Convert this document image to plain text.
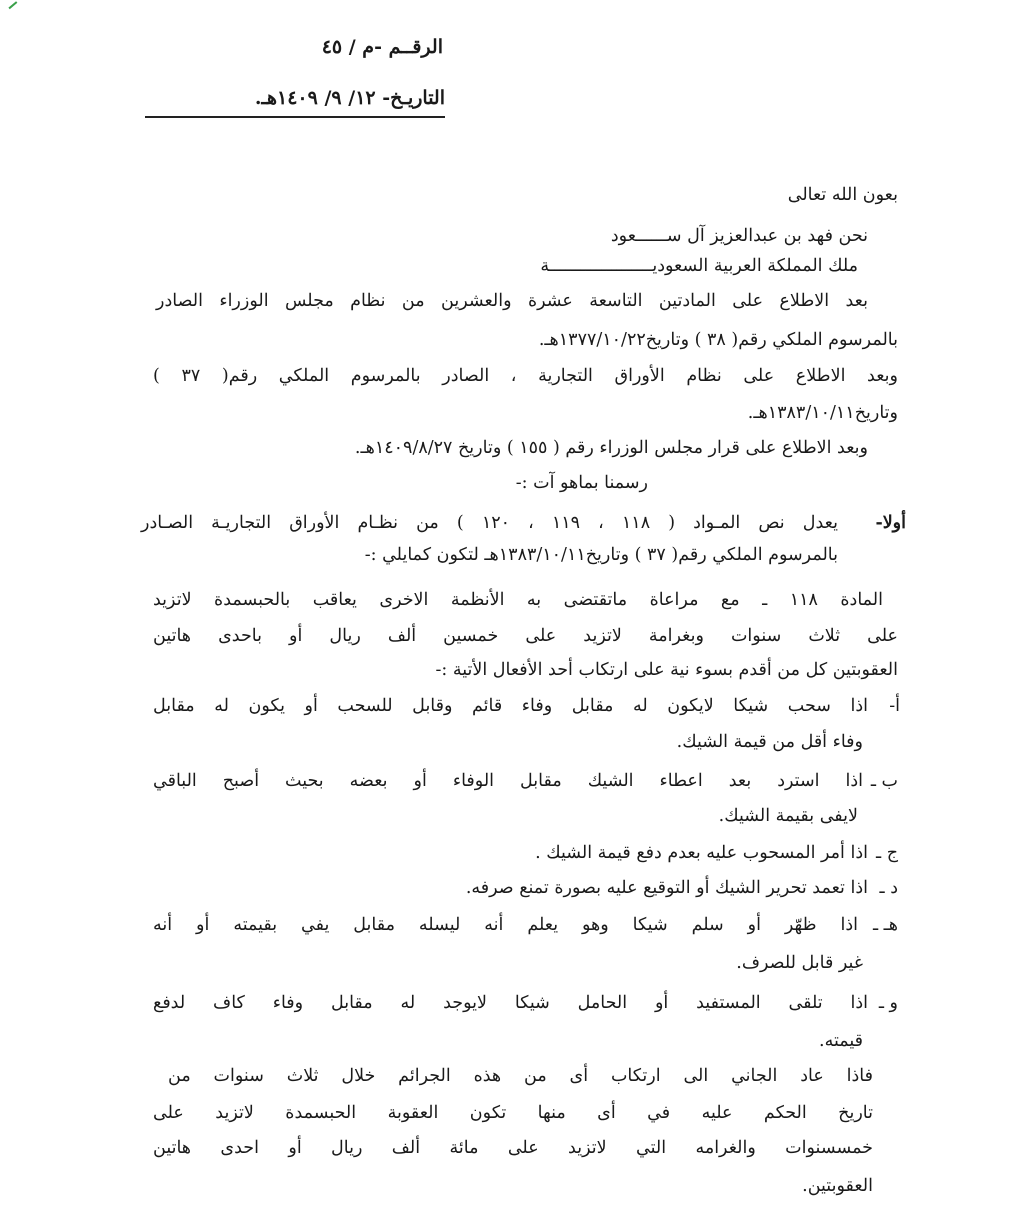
الرقــم -م / ٤٥
التاريـخ- ١٢/ ٩/ ١٤٠٩هـ.
بعون الله تعالى
نحن فهد بن عبدالعزيز آل ســــــعود
ملك المملكة العربية السعوديــــــــــــــــــــة
بعد الاطلاع على المادتين التاسعة عشرة والعشرين من نظام مجلس الوزراء الصادر
بالمرسوم الملكي رقم( ٣٨ ) وتاريخ١٣٧٧/١٠/٢٢هـ.
وبعد الاطلاع على نظام الأوراق التجارية ، الصادر بالمرسوم الملكي رقم( ٣٧ )
وتاريخ١٣٨٣/١٠/١١هـ.
وبعد الاطلاع على قرار مجلس الوزراء رقم ( ١٥٥ ) وتاريخ ١٤٠٩/٨/٢٧هـ.
رسمنا بماهو آت :-
أولا-
يعدل نص المـواد ( ١١٨ ، ١١٩ ، ١٢٠ ) من نظـام الأوراق التجاريـة الصـادر
بالمرسوم الملكي رقم( ٣٧ ) وتاريخ١٣٨٣/١٠/١١هـ لتكون كمايلي :-
المادة ١١٨ ـ مع مراعاة ماتقتضى به الأنظمة الاخرى يعاقب بالحبسمدة لاتزيد
على ثلاث سنوات وبغرامة لاتزيد على خمسين ألف ريال أو باحدى هاتين
العقوبتين كل من أقدم بسوء نية على ارتكاب أحد الأفعال الأتية :-
أ-
اذا سحب شيكا لايكون له مقابل وفاء قائم وقابل للسحب أو يكون له مقابل
وفاء أقل من قيمة الشيك.
ب ـ
اذا استرد بعد اعطاء الشيك مقابل الوفاء أو بعضه بحيث أصبح الباقي
لايفى بقيمة الشيك.
ج ـ
اذا أمر المسحوب عليه بعدم دفع قيمة الشيك .
د ـ
اذا تعمد تحرير الشيك أو التوقيع عليه بصورة تمنع صرفه.
هـ ـ
اذا ظهّر أو سلم شيكا وهو يعلم أنه ليسله مقابل يفي بقيمته أو أنه
غير قابل للصرف.
و ـ
اذا تلقى المستفيد أو الحامل شيكا لايوجد له مقابل وفاء كاف لدفع
قيمته.
فاذا عاد الجاني الى ارتكاب أى من هذه الجرائم خلال ثلاث سنوات من
تاريخ الحكم عليه في أى منها تكون العقوبة الحبسمدة لاتزيد على
خمسسنوات والغرامه التي لاتزيد على مائة ألف ريال أو احدى هاتين
العقوبتين.
